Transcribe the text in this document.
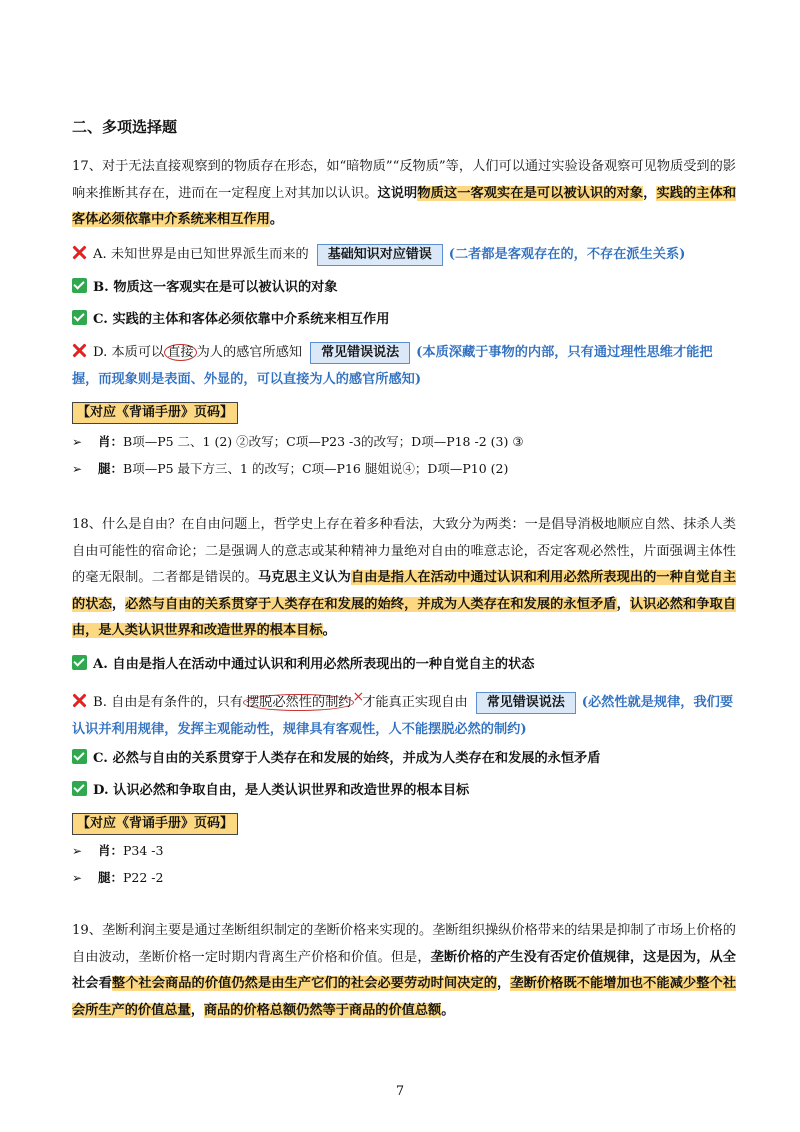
二、多项选择题
17、对于无法直接观察到的物质存在形态，如“暗物质”“反物质”等，人们可以通过实验设备观察可见物质受到的影响来推断其存在，进而在一定程度上对其加以认识。这说明物质这一客观实在是可以被认识的对象，实践的主体和客体必须依靠中介系统来相互作用。
A. 未知世界是由已知世界派生而来的 基础知识对应错误 (二者都是客观存在的，不存在派生关系)
B. 物质这一客观实在是可以被认识的对象
C. 实践的主体和客体必须依靠中介系统来相互作用
D. 本质可以 直接 为人的感官所感知 常见错误说法 (本质深藏于事物的内部，只有通过理性思维才能把握，而现象则是表面、外显的，可以直接为人的感官所感知)
【对应《背诵手册》页码】
➢ 肖：B项—P5 二、1 (2) ②改写；C项—P23 -3的改写；D项—P18 -2 (3) ③
➢ 腿：B项—P5 最下方三、1 的改写；C项—P16 腿姐说④；D项—P10 (2)
18、什么是自由？在自由问题上，哲学史上存在着多种看法，大致分为两类：一是倡导消极地顺应自然、抹杀人类自由可能性的宿命论；二是强调人的意志或某种精神力量绝对自由的唯意志论，否定客观必然性，片面强调主体性的毫无限制。二者都是错误的。马克思主义认为自由是指人在活动中通过认识和利用必然所表现出的一种自觉自主的状态，必然与自由的关系贯穿于人类存在和发展的始终，并成为人类存在和发展的永恒矛盾，认识必然和争取自由，是人类认识世界和改造世界的根本目标。
A. 自由是指人在活动中通过认识和利用必然所表现出的一种自觉自主的状态
B. 自由是有条件的，只有 摆脱必然性的制约×才能真正实现自由 常见错误说法 (必然性就是规律，我们要认识并利用规律，发挥主观能动性，规律具有客观性，人不能摆脱必然的制约)
C. 必然与自由的关系贯穿于人类存在和发展的始终，并成为人类存在和发展的永恒矛盾
D. 认识必然和争取自由，是人类认识世界和改造世界的根本目标
【对应《背诵手册》页码】
➢ 肖：P34 -3
➢ 腿：P22 -2
19、垄断利润主要是通过垄断组织制定的垄断价格来实现的。垄断组织操纵价格带来的结果是抑制了市场上价格的自由波动，垄断价格一定时期内背离生产价格和价值。但是，垄断价格的产生没有否定价值规律，这是因为，从全社会看整个社会商品的价值仍然是由生产它们的社会必要劳动时间决定的，垄断价格既不能增加也不能减少整个社会所生产的价值总量，商品的价格总额仍然等于商品的价值总额。
7
